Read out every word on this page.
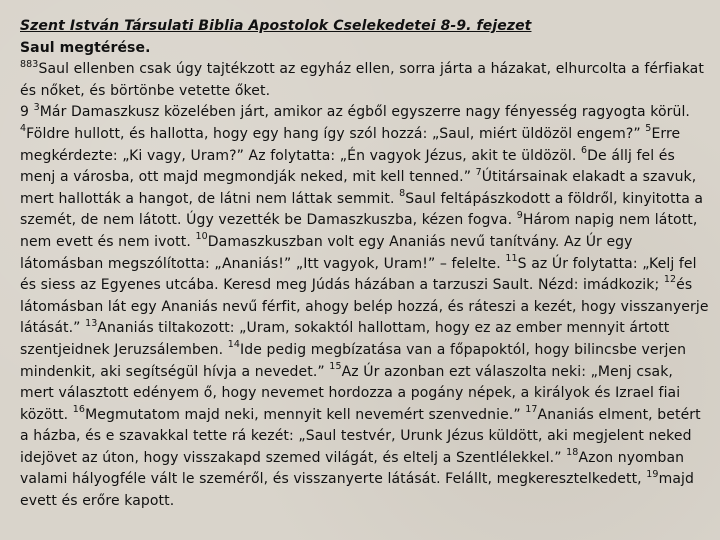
Szent István Társulati Biblia Apostolok Cselekedetei 8-9. fejezet

Saul megtérése.

$^{883}$Saul ellenben csak úgy tajtékzott az egyház ellen, sorra járta a házakat, elhurcolta a férfiakat és nőket, és börtönbe vetette őket.
9 $^3$Már Damaszkusz közelében járt, amikor az égből egyszerre nagy fényesség ragyogta körül. $^4$Földre hullott, és hallotta, hogy egy hang így szól hozzá: „Saul, miért üldözöl engem?” $^5$Erre megkérdezte: „Ki vagy, Uram?” Az folytatta: „Én vagyok Jézus, akit te üldözöl. $^6$De állj fel és menj a városba, ott majd megmondják neked, mit kell tenned.” $^7$Útitársainak elakadt a szavuk, mert hallották a hangot, de látni nem láttak semmit. $^8$Saul feltápászkodott a földről, kinyitotta a szemét, de nem látott. Úgy vezették be Damaszkuszba, kézen fogva. $^9$Három napig nem látott, nem evett és nem ivott. $^{10}$Damaszkuszban volt egy Ananiás nevű tanítvány. Az Úr egy látomásban megszólította: „Ananiás!” „Itt vagyok, Uram!” – felelte. $^{11}$S az Úr folytatta: „Kelj fel és siess az Egyenes utcába. Keresd meg Júdás házában a tarzuszi Sault. Nézd: imádkozik; $^{12}$és látomásban lát egy Ananiás nevű férfit, ahogy belép hozzá, és ráteszi a kezét, hogy visszanyerje látását.” $^{13}$Ananiás tiltakozott: „Uram, sokaktól hallottam, hogy ez az ember mennyit ártott szentjeidnek Jeruzsálemben. $^{14}$Ide pedig megbízatása van a főpapoktól, hogy bilincsbe verjen mindenkit, aki segítségül hívja a nevedet.” $^{15}$Az Úr azonban ezt válaszolta neki: „Menj csak, mert választott edényem ő, hogy nevemet hordozza a pogány népek, a királyok és Izrael fiai között. $^{16}$Megmutatom majd neki, mennyit kell nevemért szenvednie.” $^{17}$Ananiás elment, betért a házba, és e szavakkal tette rá kezét: „Saul testvér, Urunk Jézus küldött, aki megjelent neked idejövet az úton, hogy visszakapd szemed világát, és eltelj a Szentlélekkel.” $^{18}$Azon nyomban valami hályogféle vált le szeméről, és visszanyerte látását. Felállt, megkeresztelkedett, $^{19}$majd evett és erőre kapott.
